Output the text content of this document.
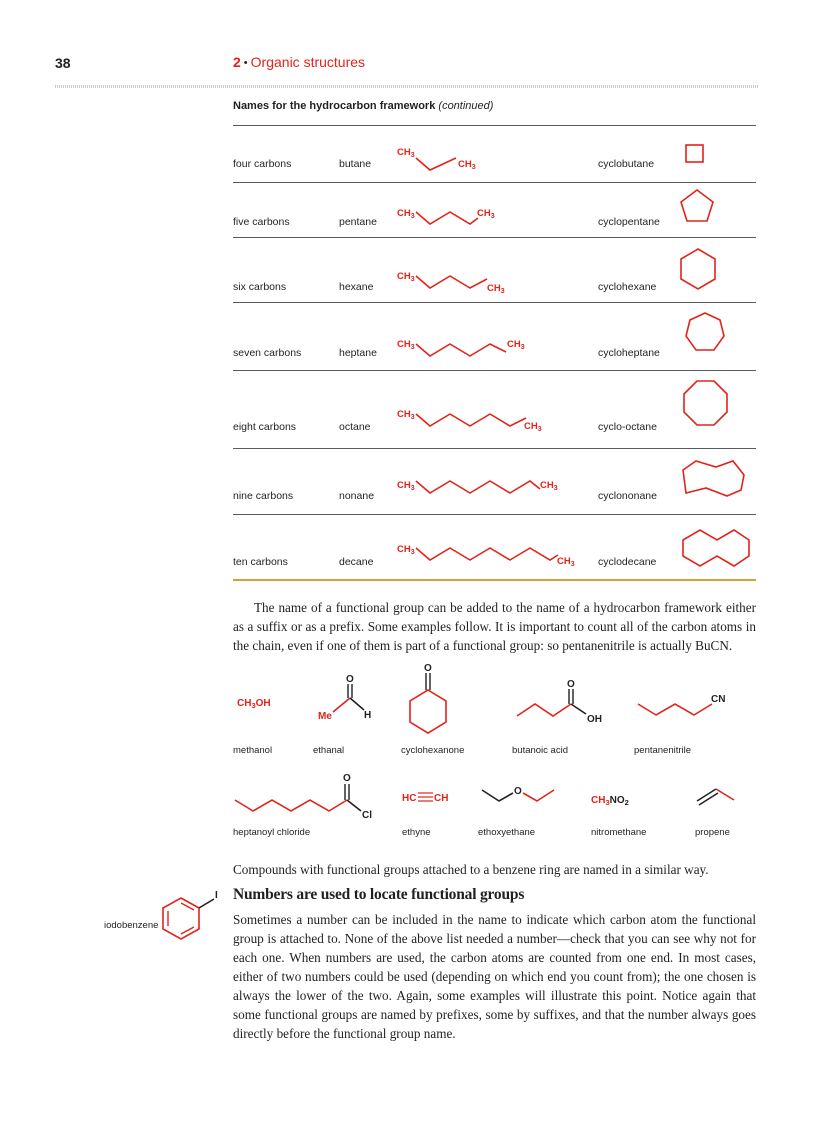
38	2 • Organic structures
Names for the hydrocarbon framework (continued)
four carbons	butane	cyclobutane
five carbons	pentane	cyclopentane
six carbons	hexane	cyclohexane
seven carbons	heptane	cycloheptane
eight carbons	octane	cyclo-octane
nine carbons	nonane	cyclononane
ten carbons	decane	cyclodecane
$CH_3$
$CH_3$
$CH_3$	$CH_3$
$CH_3$
$CH_3$
$CH_3$	$CH_3$
$CH_3$
$CH_3$
$CH_3$	$CH_3$
$CH_3$
$CH_3$
$CH_3OH$
O
Me	H
O
O
OH
CN
O
Cl
HC CH
O
$CH_3NO_2$
I
The name of a functional group can be added to the name of a hydrocarbon framework either as a suffix or as a prefix. Some examples follow. It is important to count all of the carbon atoms in the chain, even if one of them is part of a functional group: so pentanenitrile is actually BuCN.
methanol	ethanal	cyclohexanone	butanoic acid	pentanenitrile
heptanoyl chloride	ethyne	ethoxyethane	nitromethane	propene
Compounds with functional groups attached to a benzene ring are named in a similar way.
iodobenzene
Numbers are used to locate functional groups
Sometimes a number can be included in the name to indicate which carbon atom the functional group is attached to. None of the above list needed a number—check that you can see why not for each one. When numbers are used, the carbon atoms are counted from one end. In most cases, either of two numbers could be used (depending on which end you count from); the one chosen is always the lower of the two. Again, some examples will illustrate this point. Notice again that some functional groups are named by prefixes, some by suffixes, and that the number always goes directly before the functional group name.
